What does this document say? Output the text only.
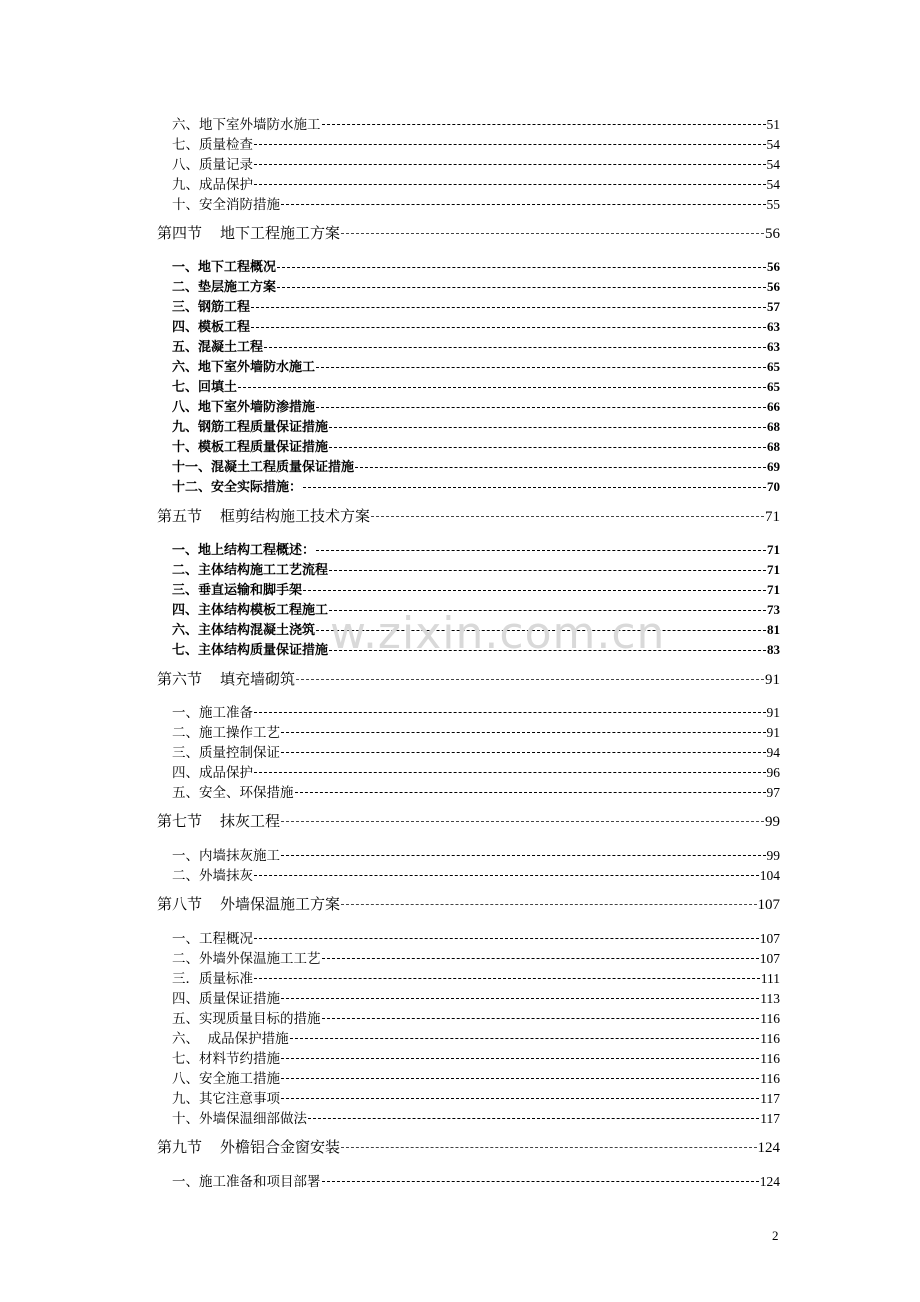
六、地下室外墙防水施工	51
七、质量检查	54
八、质量记录	54
九、成品保护	54
十、安全消防措施	55
第四节 地下工程施工方案	56
一、地下工程概况	56
二、垫层施工方案	56
三、钢筋工程	57
四、模板工程	63
五、混凝土工程	63
六、地下室外墙防水施工	65
七、回填土	65
八、地下室外墙防渗措施	66
九、钢筋工程质量保证措施	68
十、模板工程质量保证措施	68
十一、混凝土工程质量保证措施	69
十二、安全实际措施：	70
第五节 框剪结构施工技术方案	71
一、地上结构工程概述：	71
二、主体结构施工工艺流程	71
三、垂直运输和脚手架	71
四、主体结构模板工程施工	73
六、主体结构混凝土浇筑	81
七、主体结构质量保证措施	83
第六节 填充墙砌筑	91
一、施工准备	91
二、施工操作工艺	91
三、质量控制保证	94
四、成品保护	96
五、安全、环保措施	97
第七节 抹灰工程	99
一、内墙抹灰施工	99
二、外墙抹灰	104
第八节 外墙保温施工方案	107
一、工程概况	107
二、外墙外保温施工工艺	107
三．质量标准	111
四、质量保证措施	113
五、实现质量目标的措施	116
六、  成品保护措施	116
七、材料节约措施	116
八、安全施工措施	116
九、其它注意事项	117
十、外墙保温细部做法	117
第九节 外檐铝合金窗安装	124
一、施工准备和项目部署	124
w.zixin.com.cn
2
